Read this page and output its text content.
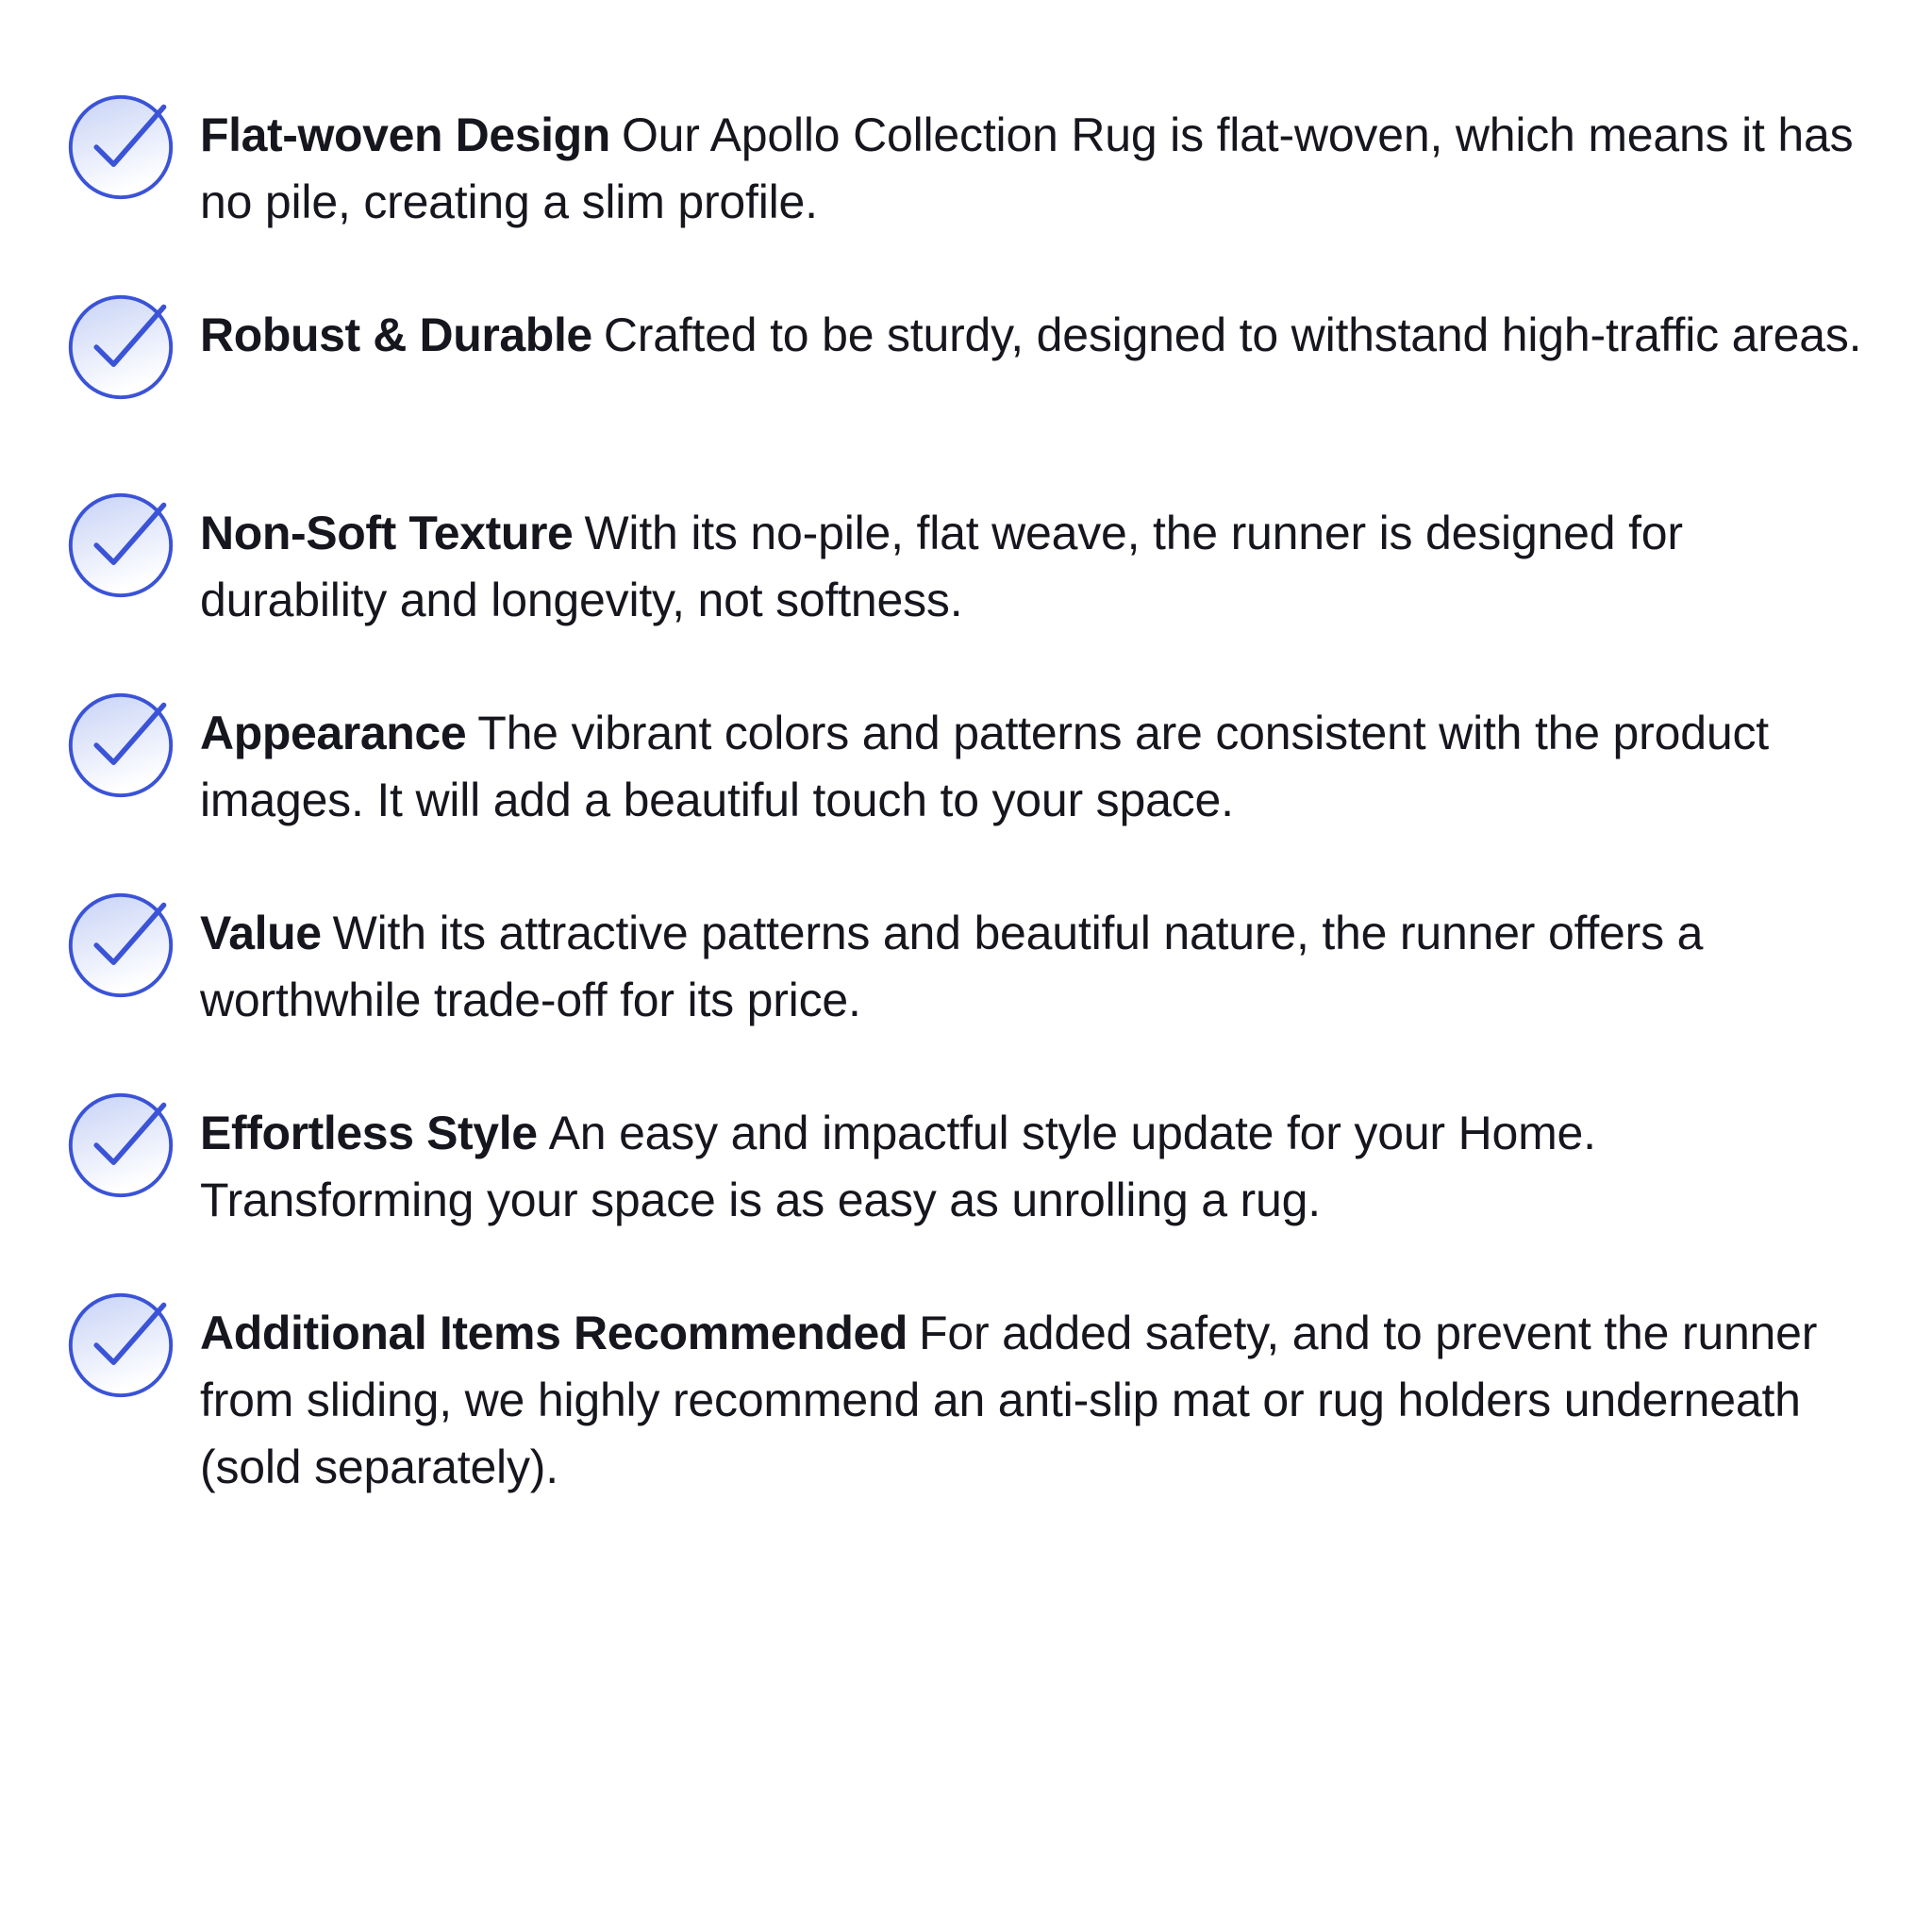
Flat-woven Design Our Apollo Collection Rug is flat-woven, which means it has no pile, creating a slim profile.
Robust & Durable Crafted to be sturdy, designed to withstand high-traffic areas.
Non-Soft Texture With its no-pile, flat weave, the runner is designed for durability and longevity, not softness.
Appearance The vibrant colors and patterns are consistent with the product images. It will add a beautiful touch to your space.
Value With its attractive patterns and beautiful nature, the runner offers a worthwhile trade-off for its price.
Effortless Style An easy and impactful style update for your Home. Transforming your space is as easy as unrolling a rug.
Additional Items Recommended For added safety, and to prevent the runner from sliding, we highly recommend an anti-slip mat or rug holders underneath (sold separately).
